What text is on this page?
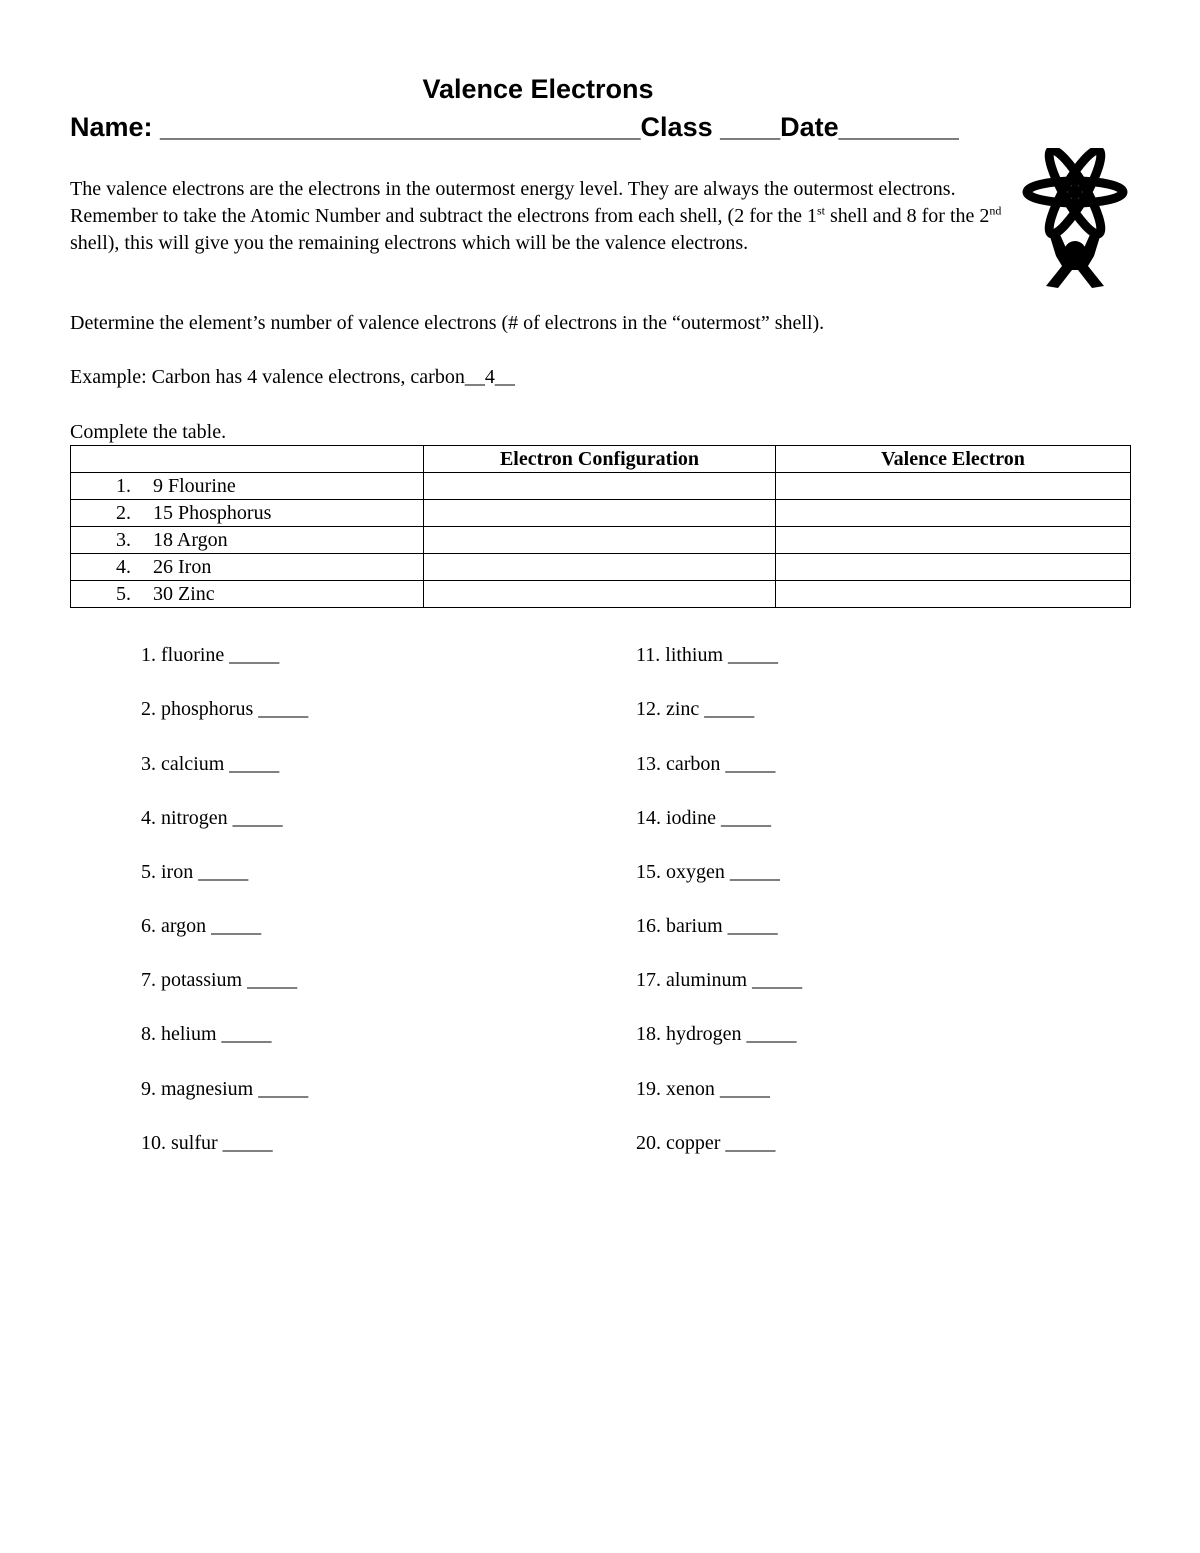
Valence Electrons
Name: ________________________________Class ____Date________
The valence electrons are the electrons in the outermost energy level. They are always the outermost electrons. Remember to take the Atomic Number and subtract the electrons from each shell, (2 for the 1st shell and 8 for the 2nd shell), this will give you the remaining electrons which will be the valence electrons.
Determine the element’s number of valence electrons (# of electrons in the “outermost” shell).
Example: Carbon has 4 valence electrons, carbon__4__
Complete the table.
	Electron Configuration	Valence Electron
1. 9 Flourine		
2. 15 Phosphorus		
3. 18 Argon		
4. 26 Iron		
5. 30 Zinc		
1. fluorine _____
2. phosphorus _____
3. calcium _____
4. nitrogen _____
5. iron _____
6. argon _____
7. potassium _____
8. helium _____
9. magnesium _____
10. sulfur _____
11. lithium _____
12. zinc _____
13. carbon _____
14. iodine _____
15. oxygen _____
16. barium _____
17. aluminum _____
18. hydrogen _____
19. xenon _____
20. copper _____
